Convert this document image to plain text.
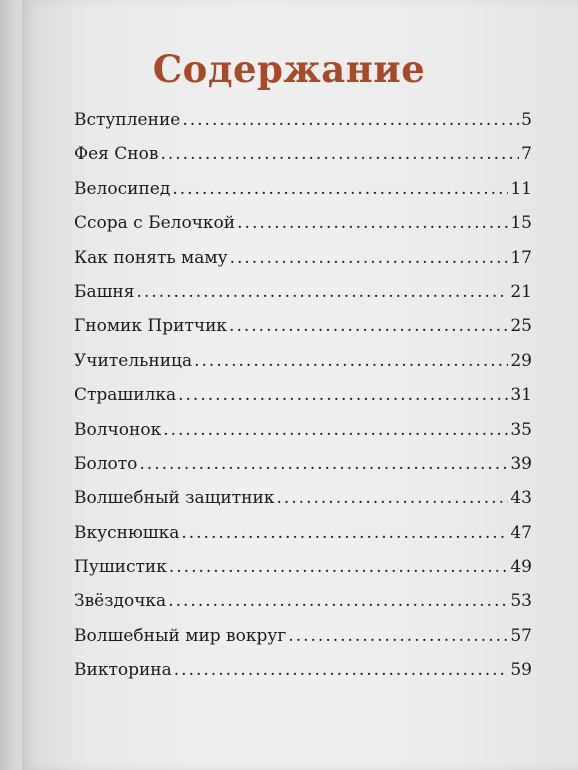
Содержание
Вступление .....	5
Фея Снов .....	7
Велосипед .....	11
Ссора с Белочкой .....	15
Как понять маму .....	17
Башня .....	21
Гномик Притчик .....	25
Учительница .....	29
Страшилка .....	31
Волчонок .....	35
Болото .....	39
Волшебный защитник .....	43
Вкуснюшка .....	47
Пушистик .....	49
Звёздочка .....	53
Волшебный мир вокруг .....	57
Викторина .....	59
